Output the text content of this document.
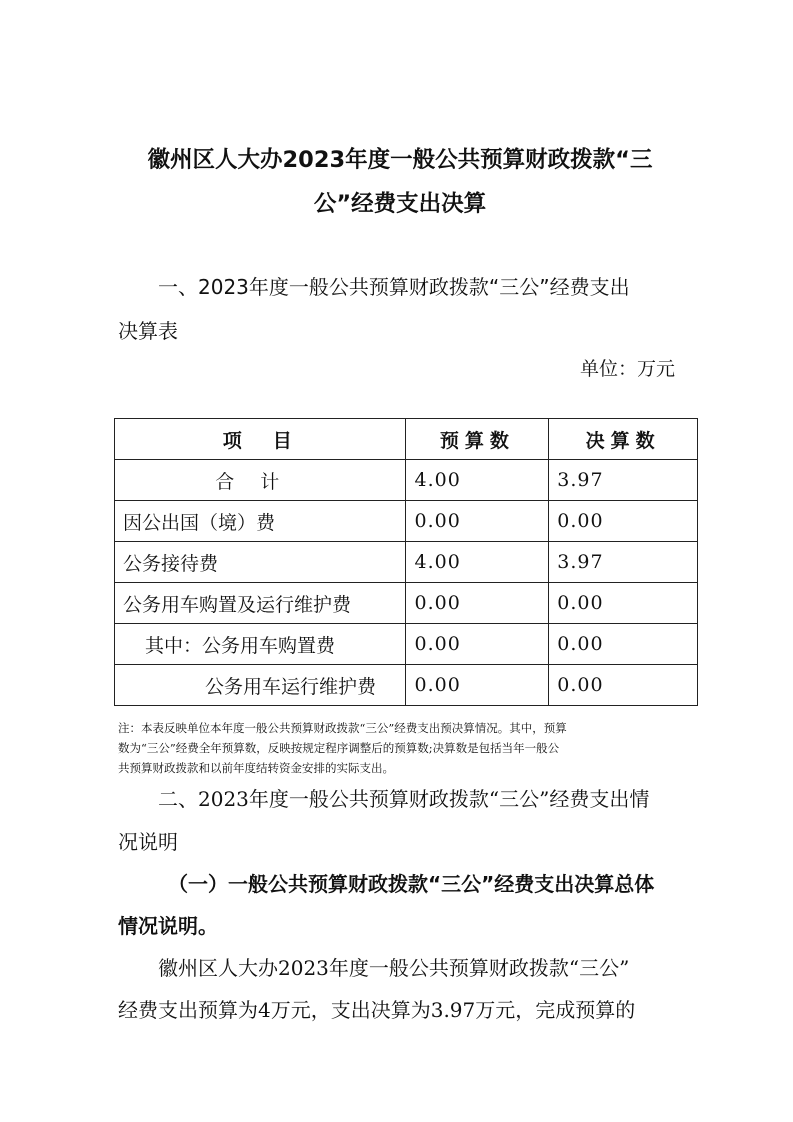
徽州区人大办2023年度一般公共预算财政拨款“三
公”经费支出决算

一、2023年度一般公共预算财政拨款“三公”经费支出

决算表

单位：万元
项　目	预算数	决算数
合计	4.00	3.97
因公出国（境）费	0.00	0.00
公务接待费	4.00	3.97
公务用车购置及运行维护费	0.00	0.00
其中：公务用车购置费	0.00	0.00
公务用车运行维护费	0.00	0.00
注：本表反映单位本年度一般公共预算财政拨款“三公”经费支出预决算情况。其中，预算
数为“三公”经费全年预算数，反映按规定程序调整后的预算数;决算数是包括当年一般公
共预算财政拨款和以前年度结转资金安排的实际支出。

二、2023年度一般公共预算财政拨款“三公”经费支出情

况说明

（一）一般公共预算财政拨款“三公”经费支出决算总体

情况说明。

徽州区人大办2023年度一般公共预算财政拨款“三公”

经费支出预算为4万元，支出决算为3.97万元，完成预算的
